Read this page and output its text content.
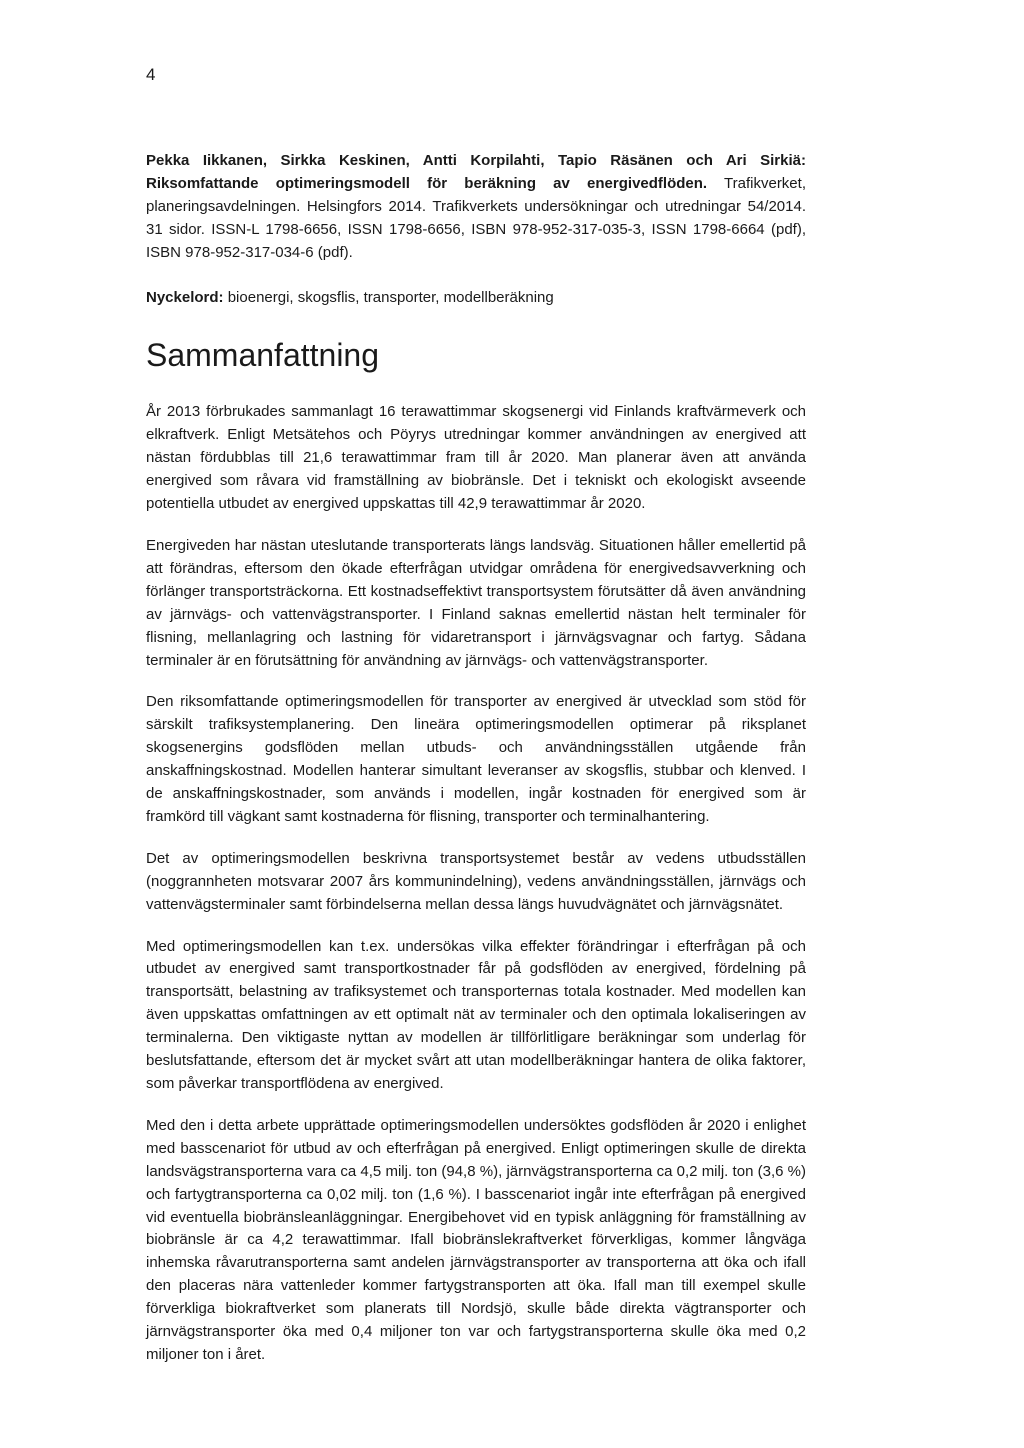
4

Pekka Iikkanen, Sirkka Keskinen, Antti Korpilahti, Tapio Räsänen och Ari Sirkiä: Riksomfattande optimeringsmodell för beräkning av energivedflöden. Trafikverket, planeringsavdelningen. Helsingfors 2014. Trafikverkets undersökningar och utredningar 54/2014. 31 sidor. ISSN-L 1798-6656, ISSN 1798-6656, ISBN 978-952-317-035-3, ISSN 1798-6664 (pdf), ISBN 978-952-317-034-6 (pdf).

Nyckelord: bioenergi, skogsflis, transporter, modellberäkning

Sammanfattning

År 2013 förbrukades sammanlagt 16 terawattimmar skogsenergi vid Finlands kraftvärmeverk och elkraftverk. Enligt Metsätehos och Pöyrys utredningar kommer användningen av energived att nästan fördubblas till 21,6 terawattimmar fram till år 2020. Man planerar även att använda energived som råvara vid framställning av biobränsle. Det i tekniskt och ekologiskt avseende potentiella utbudet av energived uppskattas till 42,9 terawattimmar år 2020.

Energiveden har nästan uteslutande transporterats längs landsväg. Situationen håller emellertid på att förändras, eftersom den ökade efterfrågan utvidgar områdena för energivedsavverkning och förlänger transportsträckorna. Ett kostnadseffektivt transportsystem förutsätter då även användning av järnvägs- och vattenvägstransporter. I Finland saknas emellertid nästan helt terminaler för flisning, mellanlagring och lastning för vidaretransport i järnvägsvagnar och fartyg. Sådana terminaler är en förutsättning för användning av järnvägs- och vattenvägstransporter.

Den riksomfattande optimeringsmodellen för transporter av energived är utvecklad som stöd för särskilt trafiksystemplanering. Den lineära optimeringsmodellen optimerar på riksplanet skogsenergins godsflöden mellan utbuds- och användningsställen utgående från anskaffningskostnad. Modellen hanterar simultant leveranser av skogsflis, stubbar och klenved. I de anskaffningskostnader, som används i modellen, ingår kostnaden för energived som är framkörd till vägkant samt kostnaderna för flisning, transporter och terminalhantering.

Det av optimeringsmodellen beskrivna transportsystemet består av vedens utbudsställen (noggrannheten motsvarar 2007 års kommunindelning), vedens användningsställen, järnvägs och vattenvägsterminaler samt förbindelserna mellan dessa längs huvudvägnätet och järnvägsnätet.

Med optimeringsmodellen kan t.ex. undersökas vilka effekter förändringar i efterfrågan på och utbudet av energived samt transportkostnader får på godsflöden av energived, fördelning på transportsätt, belastning av trafiksystemet och transporternas totala kostnader. Med modellen kan även uppskattas omfattningen av ett optimalt nät av terminaler och den optimala lokaliseringen av terminalerna. Den viktigaste nyttan av modellen är tillförlitligare beräkningar som underlag för beslutsfattande, eftersom det är mycket svårt att utan modellberäkningar hantera de olika faktorer, som påverkar transportflödena av energived.

Med den i detta arbete upprättade optimeringsmodellen undersöktes godsflöden år 2020 i enlighet med basscenariot för utbud av och efterfrågan på energived. Enligt optimeringen skulle de direkta landsvägstransporterna vara ca 4,5 milj. ton (94,8 %), järnvägstransporterna ca 0,2 milj. ton (3,6 %) och fartygtransporterna ca 0,02 milj. ton (1,6 %). I basscenariot ingår inte efterfrågan på energived vid eventuella biobränsleanläggningar. Energibehovet vid en typisk anläggning för framställning av biobränsle är ca 4,2 terawattimmar. Ifall biobränslekraftverket förverkligas, kommer långväga inhemska råvarutransporterna samt andelen järnvägstransporter av transporterna att öka och ifall den placeras nära vattenleder kommer fartygstransporten att öka. Ifall man till exempel skulle förverkliga biokraftverket som planerats till Nordsjö, skulle både direkta vägtransporter och järnvägstransporter öka med 0,4 miljoner ton var och fartygstransporterna skulle öka med 0,2 miljoner ton i året.
